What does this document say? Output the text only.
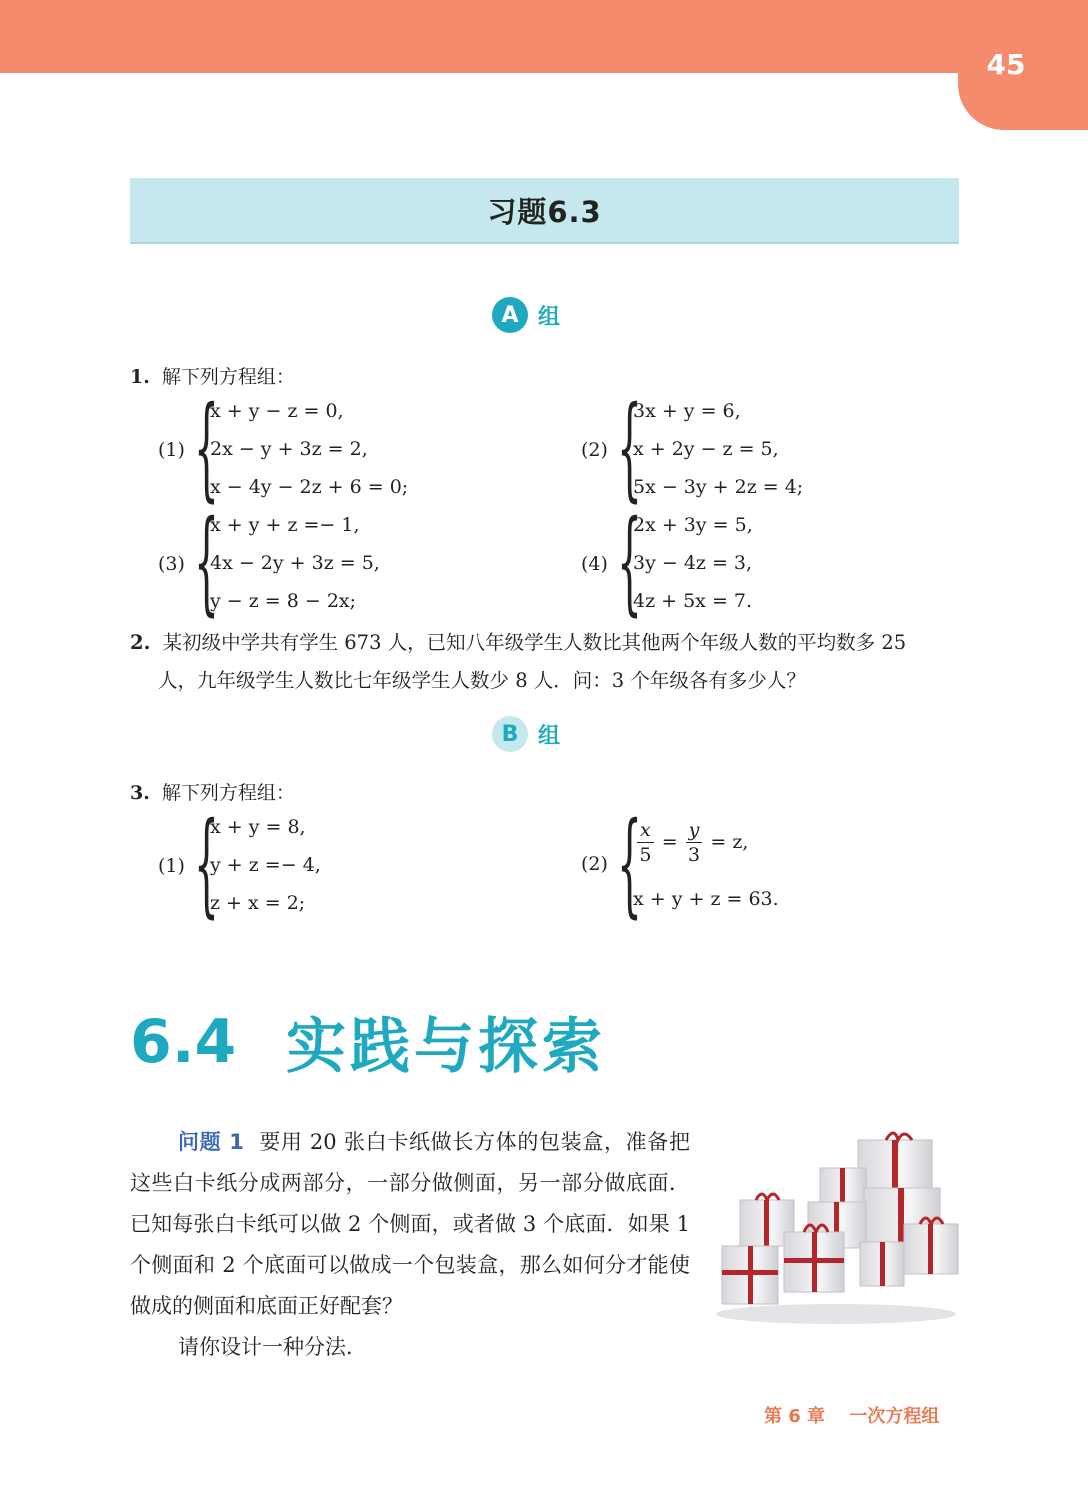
45
习题6.3
A 组
1. 解下列方程组：
(1) {
x + y − z = 0,
2x − y + 3z = 2,
x − 4y − 2z + 6 = 0;
(2) {
3x + y = 6,
x + 2y − z = 5,
5x − 3y + 2z = 4;
(3) {
x + y + z =− 1,
4x − 2y + 3z = 5,
y − z = 8 − 2x;
(4) {
2x + 3y = 5,
3y − 4z = 3,
4z + 5x = 7.
2. 某初级中学共有学生 673 人，已知八年级学生人数比其他两个年级人数的平均数多 25
人，九年级学生人数比七年级学生人数少 8 人．问：3 个年级各有多少人？
B 组
3. 解下列方程组：
(1) {
x + y = 8,
y + z =− 4,
z + x = 2;
(2) {
$\frac{x}{5} = \frac{y}{3} = z$,
x + y + z = 63.
6.4 实践与探索
问题 1 要用 20 张白卡纸做长方体的包装盒，准备把这些白卡纸分成两部分，一部分做侧面，另一部分做底面．已知每张白卡纸可以做 2 个侧面，或者做 3 个底面．如果 1 个侧面和 2 个底面可以做成一个包装盒，那么如何分才能使做成的侧面和底面正好配套？
请你设计一种分法．
第 6 章　 一次方程组
